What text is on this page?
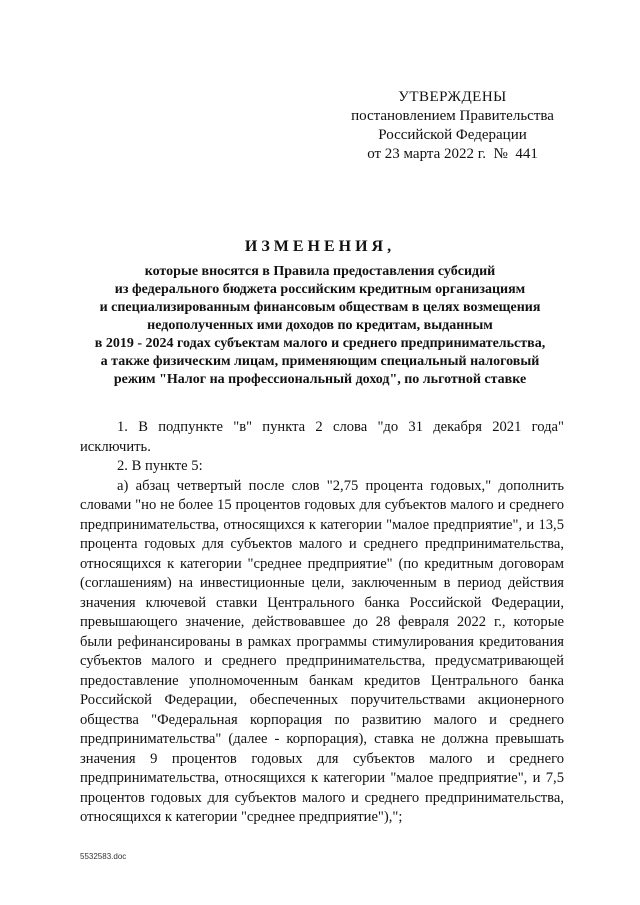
УТВЕРЖДЕНЫ
постановлением Правительства
Российской Федерации
от 23 марта 2022 г.  №  441
ИЗМЕНЕНИЯ,
которые вносятся в Правила предоставления субсидий
из федерального бюджета российским кредитным организациям
и специализированным финансовым обществам в целях возмещения
недополученных ими доходов по кредитам, выданным
в 2019 - 2024 годах субъектам малого и среднего предпринимательства,
а также физическим лицам, применяющим специальный налоговый
режим "Налог на профессиональный доход", по льготной ставке

1. В подпункте "в" пункта 2 слова "до 31 декабря 2021 года" исключить.

2. В пункте 5:

а) абзац четвертый после слов "2,75 процента годовых," дополнить словами "но не более 15 процентов годовых для субъектов малого и среднего предпринимательства, относящихся к категории "малое предприятие", и 13,5 процента годовых для субъектов малого и среднего предпринимательства, относящихся к категории "среднее предприятие" (по кредитным договорам (соглашениям) на инвестиционные цели, заключенным в период действия значения ключевой ставки Центрального банка Российской Федерации, превышающего значение, действовавшее до 28 февраля 2022 г., которые были рефинансированы в рамках программы стимулирования кредитования субъектов малого и среднего предпринимательства, предусматривающей предоставление уполномоченным банкам кредитов Центрального банка Российской Федерации, обеспеченных поручительствами акционерного общества "Федеральная корпорация по развитию малого и среднего предпринимательства" (далее - корпорация), ставка не должна превышать значения 9 процентов годовых для субъектов малого и среднего предпринимательства, относящихся к категории "малое предприятие", и 7,5 процентов годовых для субъектов малого и среднего предпринимательства, относящихся к категории "среднее предприятие"),";

5532583.doc
